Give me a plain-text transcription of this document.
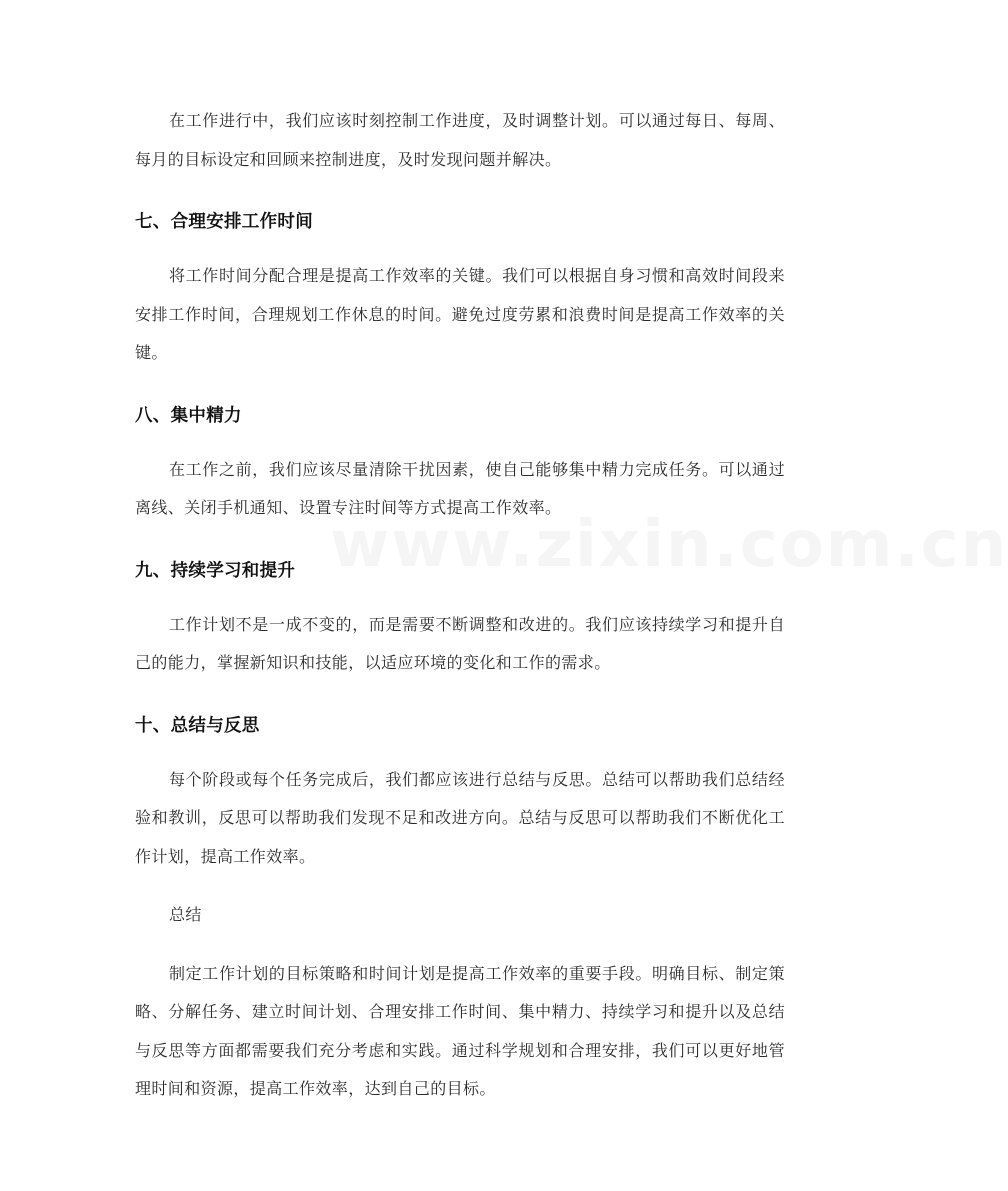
www.zixin.com.cn

在工作进行中，我们应该时刻控制工作进度，及时调整计划。可以通过每日、每周、每月的目标设定和回顾来控制进度，及时发现问题并解决。

七、合理安排工作时间

将工作时间分配合理是提高工作效率的关键。我们可以根据自身习惯和高效时间段来安排工作时间，合理规划工作休息的时间。避免过度劳累和浪费时间是提高工作效率的关键。

八、集中精力

在工作之前，我们应该尽量清除干扰因素，使自己能够集中精力完成任务。可以通过离线、关闭手机通知、设置专注时间等方式提高工作效率。

九、持续学习和提升

工作计划不是一成不变的，而是需要不断调整和改进的。我们应该持续学习和提升自己的能力，掌握新知识和技能，以适应环境的变化和工作的需求。

十、总结与反思

每个阶段或每个任务完成后，我们都应该进行总结与反思。总结可以帮助我们总结经验和教训，反思可以帮助我们发现不足和改进方向。总结与反思可以帮助我们不断优化工作计划，提高工作效率。

总结

制定工作计划的目标策略和时间计划是提高工作效率的重要手段。明确目标、制定策略、分解任务、建立时间计划、合理安排工作时间、集中精力、持续学习和提升以及总结与反思等方面都需要我们充分考虑和实践。通过科学规划和合理安排，我们可以更好地管理时间和资源，提高工作效率，达到自己的目标。
